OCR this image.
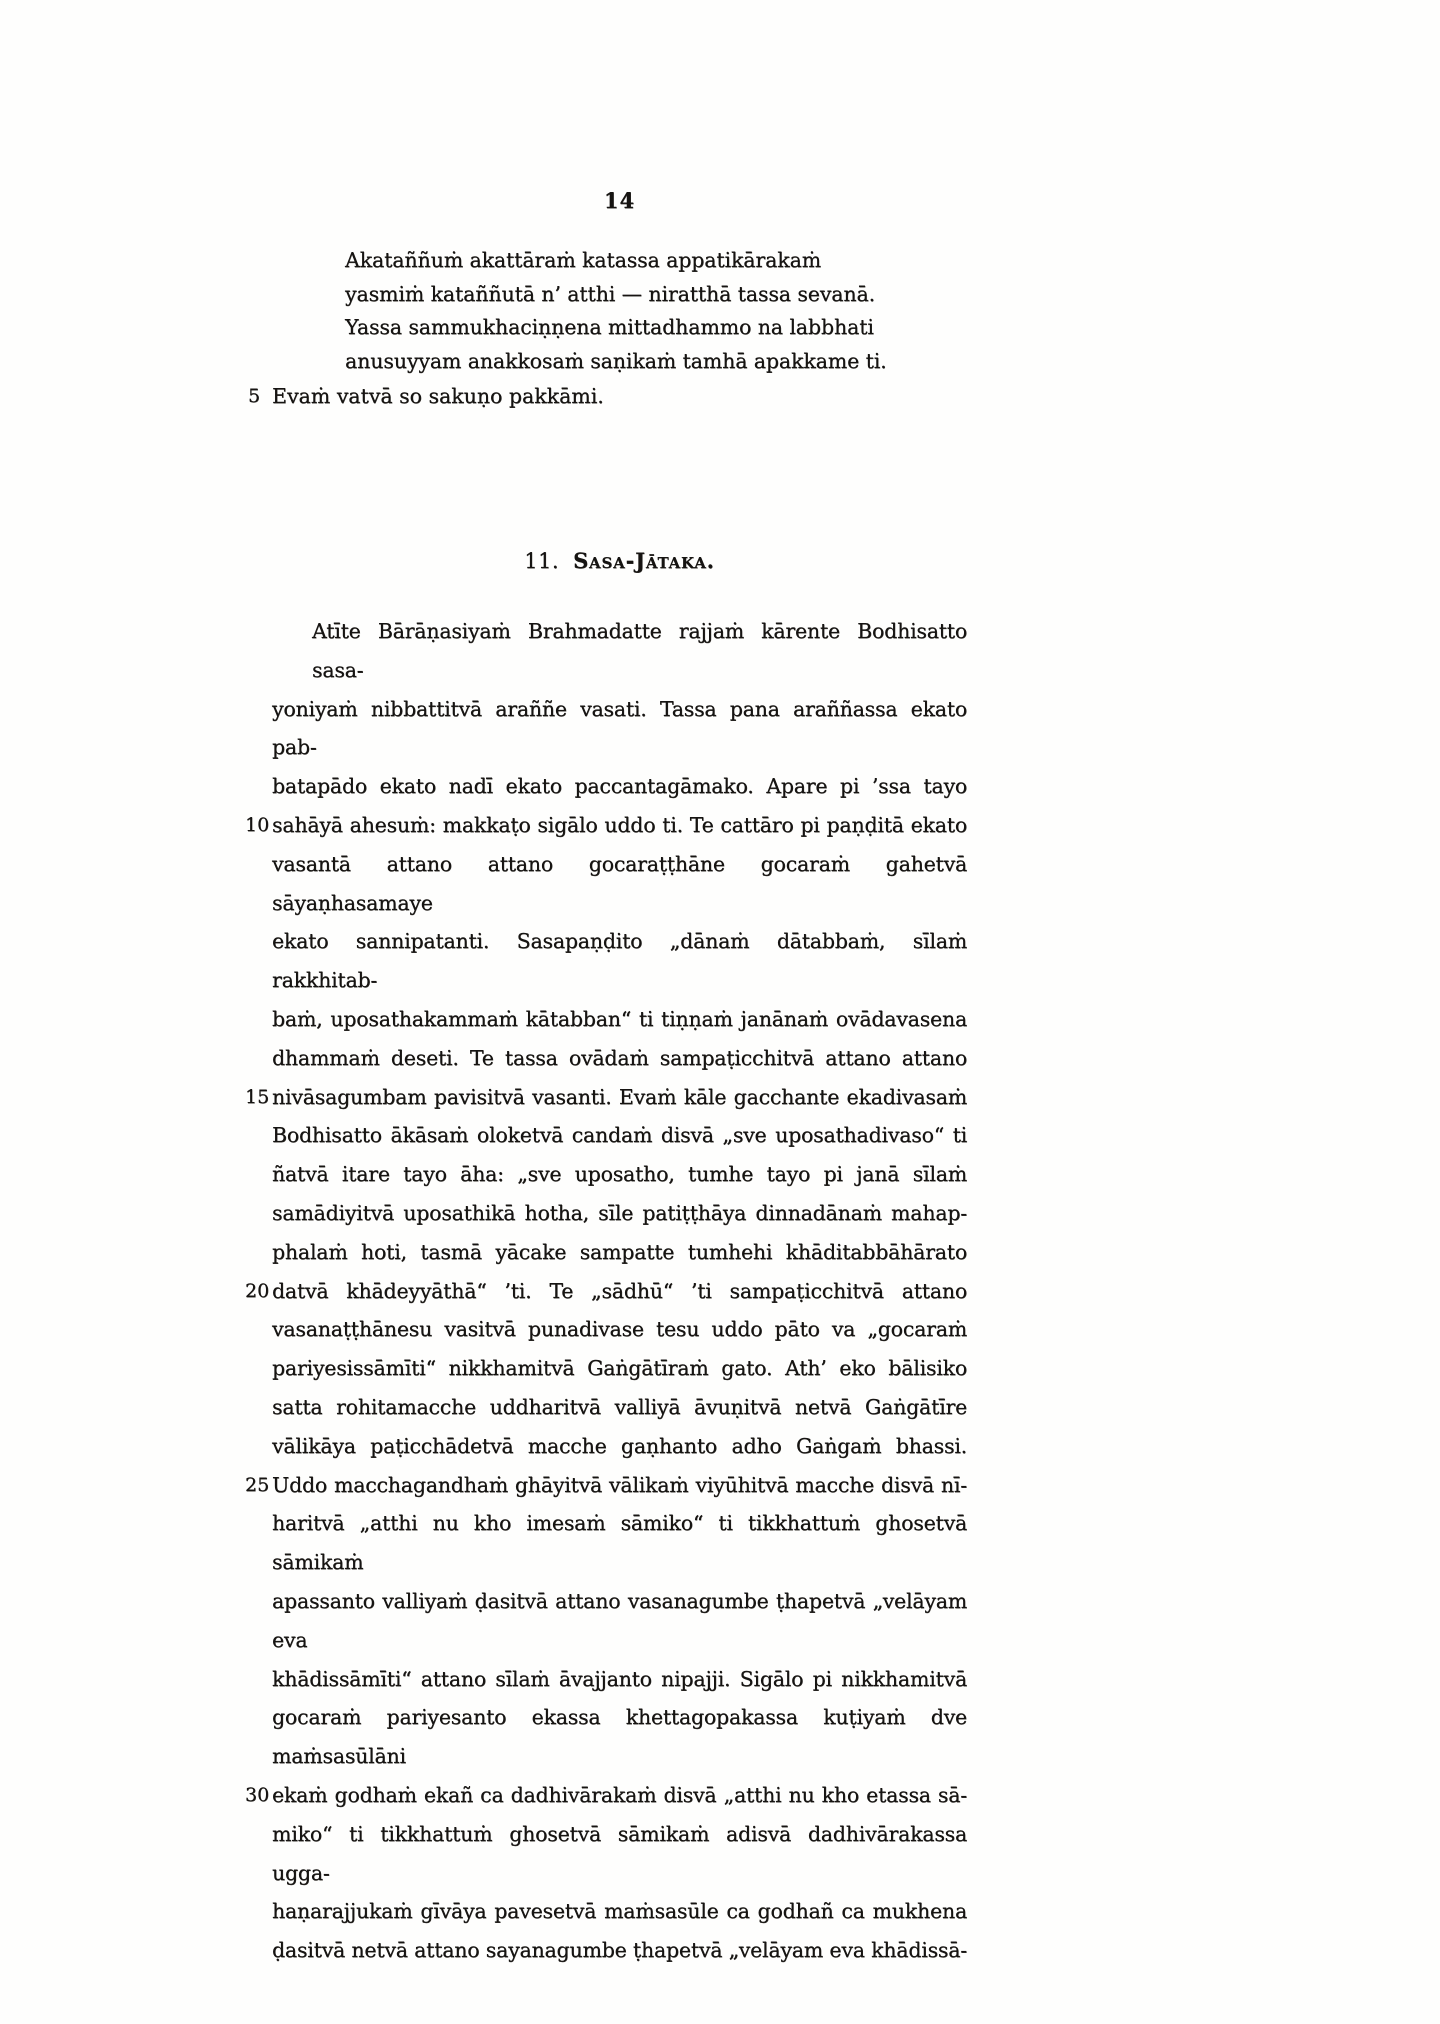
14
Akataññuṁ akattāraṁ katassa appatikārakaṁ
yasmiṁ kataññutā n’ atthi — niratthā tassa sevanā.
Yassa sammukhaciṇṇena mittadhammo na labbhati
anusuyyam anakkosaṁ saṇikaṁ tamhā apakkame ti.
5 Evaṁ vatvā so sakuṇo pakkāmi.
11. Sasa-Jātaka.
Atīte Bārāṇasiyaṁ Brahmadatte rajjaṁ kārente Bodhisatto sasa-
yoniyaṁ nibbattitvā araññe vasati. Tassa pana araññassa ekato pab-
batapādo ekato nadī ekato paccantagāmako. Apare pi ’ssa tayo
10 sahāyā ahesuṁ: makkaṭo sigālo uddo ti. Te cattāro pi paṇḍitā ekato
vasantā attano attano gocaraṭṭhāne gocaraṁ gahetvā sāyaṇhasamaye
ekato sannipatanti. Sasapaṇḍito „dānaṁ dātabbaṁ, sīlaṁ rakkhitab-
baṁ, uposathakammaṁ kātabban“ ti tiṇṇaṁ janānaṁ ovādavasena
dhammaṁ deseti. Te tassa ovādaṁ sampaṭicchitvā attano attano
15 nivāsagumbam pavisitvā vasanti. Evaṁ kāle gacchante ekadivasaṁ
Bodhisatto ākāsaṁ oloketvā candaṁ disvā „sve uposathadivaso“ ti
ñatvā itare tayo āha: „sve uposatho, tumhe tayo pi janā sīlaṁ
samādiyitvā uposathikā hotha, sīle patiṭṭhāya dinnadānaṁ mahap-
phalaṁ hoti, tasmā yācake sampatte tumhehi khāditabbāhārato
20 datvā khādeyyāthā“ ’ti. Te „sādhū“ ’ti sampaṭicchitvā attano
vasanaṭṭhānesu vasitvā punadivase tesu uddo pāto va „gocaraṁ
pariyesissāmīti“ nikkhamitvā Gaṅgātīraṁ gato. Ath’ eko bālisiko
satta rohitamacche uddharitvā valliyā āvuṇitvā netvā Gaṅgātīre
vālikāya paṭicchādetvā macche gaṇhanto adho Gaṅgaṁ bhassi.
25 Uddo macchagandhaṁ ghāyitvā vālikaṁ viyūhitvā macche disvā nī-
haritvā „atthi nu kho imesaṁ sāmiko“ ti tikkhattuṁ ghosetvā sāmikaṁ
apassanto valliyaṁ ḍasitvā attano vasanagumbe ṭhapetvā „velāyam eva
khādissāmīti“ attano sīlaṁ āvajjanto nipajji. Sigālo pi nikkhamitvā
gocaraṁ pariyesanto ekassa khettagopakassa kuṭiyaṁ dve maṁsasūlāni
30 ekaṁ godhaṁ ekañ ca dadhivārakaṁ disvā „atthi nu kho etassa sā-
miko“ ti tikkhattuṁ ghosetvā sāmikaṁ adisvā dadhivārakassa ugga-
haṇarajjukaṁ gīvāya pavesetvā maṁsasūle ca godhañ ca mukhena
ḍasitvā netvā attano sayanagumbe ṭhapetvā „velāyam eva khādissā-
